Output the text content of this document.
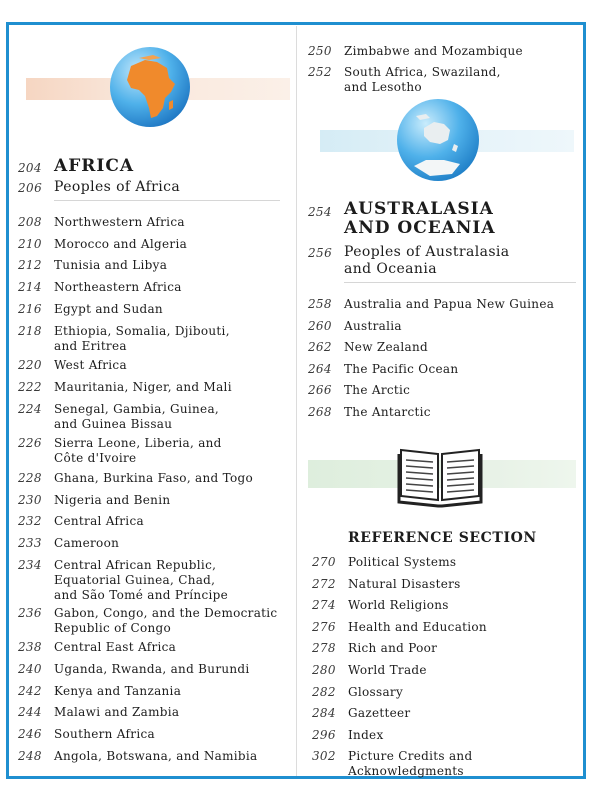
204 AFRICA
206 Peoples of Africa
208	Northwestern Africa
210	Morocco and Algeria
212	Tunisia and Libya
214	Northeastern Africa
216	Egypt and Sudan
218	Ethiopia, Somalia, Djibouti,
and Eritrea
220	West Africa
222	Mauritania, Niger, and Mali
224	Senegal, Gambia, Guinea,
and Guinea Bissau
226	Sierra Leone, Liberia, and
Côte d'Ivoire
228	Ghana, Burkina Faso, and Togo
230	Nigeria and Benin
232	Central Africa
233	Cameroon
234	Central African Republic,
Equatorial Guinea, Chad,
and São Tomé and Príncipe
236	Gabon, Congo, and the Democratic
Republic of Congo
238	Central East Africa
240	Uganda, Rwanda, and Burundi
242	Kenya and Tanzania
244	Malawi and Zambia
246	Southern Africa
248	Angola, Botswana, and Namibia
250	Zimbabwe and Mozambique
252	South Africa, Swaziland,
and Lesotho
254 AUSTRALASIA
AND OCEANIA
256 Peoples of Australasia
and Oceania
258	Australia and Papua New Guinea
260	Australia
262	New Zealand
264	The Pacific Ocean
266	The Arctic
268	The Antarctic
REFERENCE SECTION
270	Political Systems
272	Natural Disasters
274	World Religions
276	Health and Education
278	Rich and Poor
280	World Trade
282	Glossary
284	Gazetteer
296	Index
302	Picture Credits and Acknowledgments
